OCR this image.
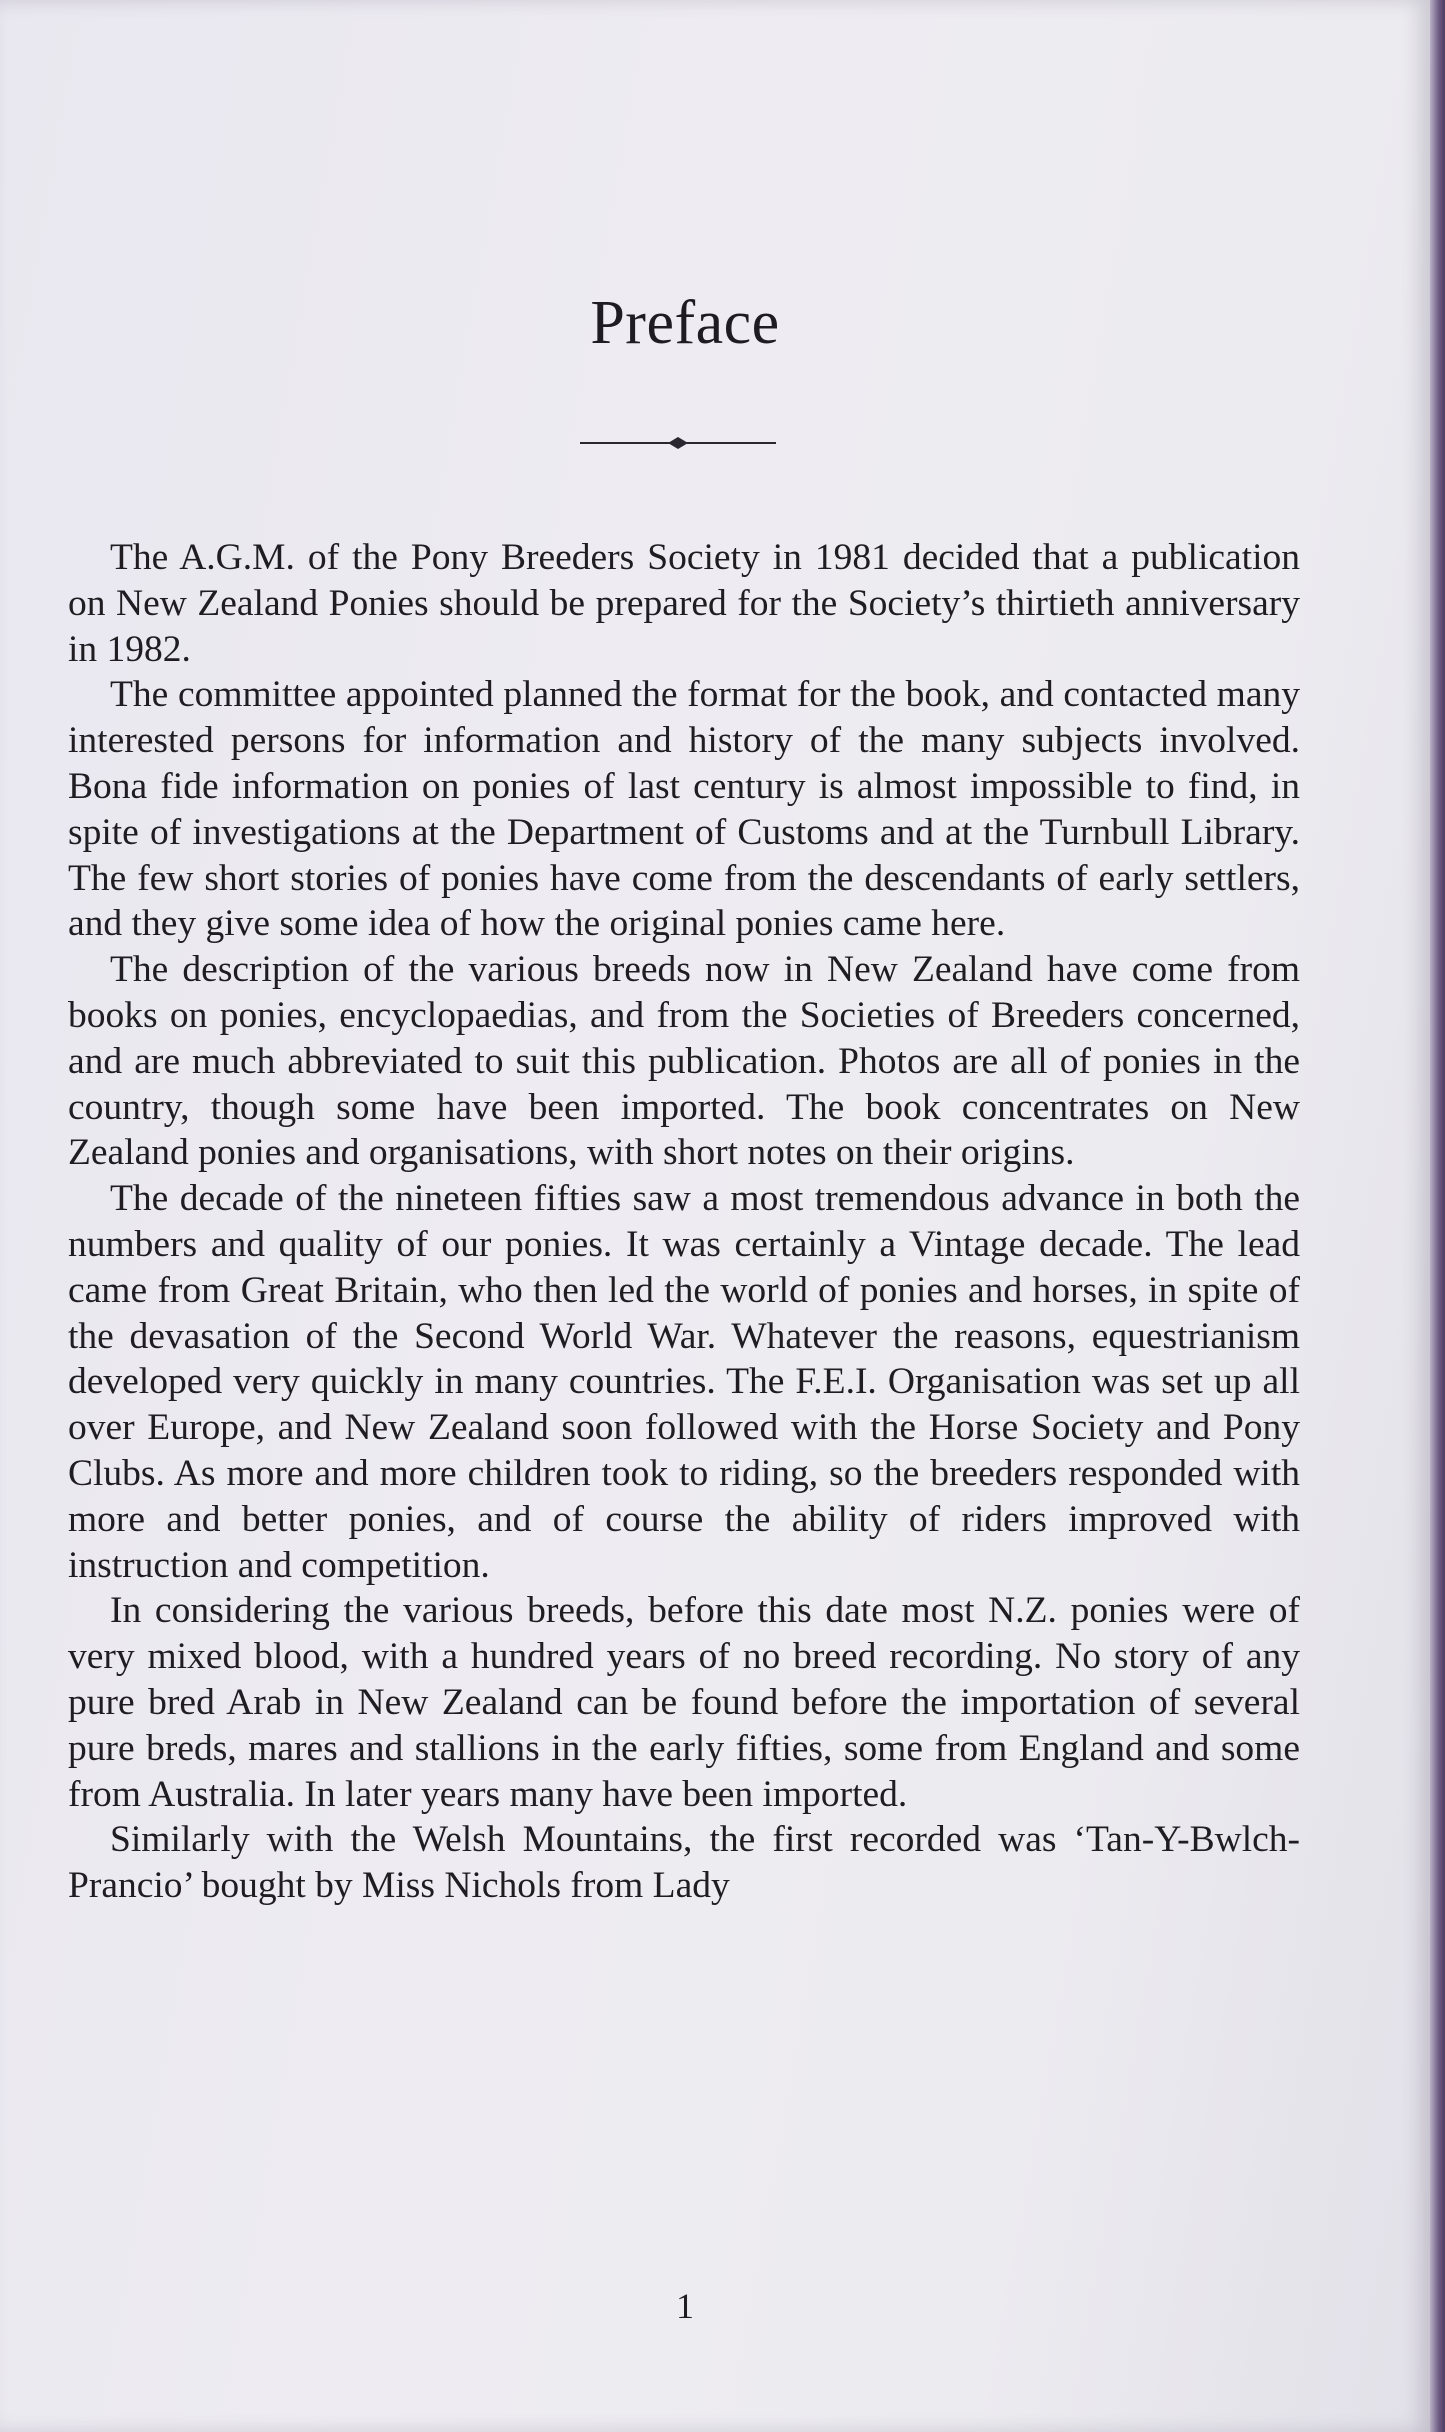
Preface

The A.G.M. of the Pony Breeders Society in 1981 decided that a publication on New Zealand Ponies should be prepared for the Society’s thirtieth anniversary in 1982.

The committee appointed planned the format for the book, and contacted many interested persons for information and history of the many subjects involved. Bona fide information on ponies of last century is almost impossible to find, in spite of investigations at the Department of Customs and at the Turnbull Library. The few short stories of ponies have come from the descendants of early settlers, and they give some idea of how the original ponies came here.

The description of the various breeds now in New Zealand have come from books on ponies, encyclopaedias, and from the Societies of Breeders concerned, and are much abbreviated to suit this publication. Photos are all of ponies in the country, though some have been imported. The book concentrates on New Zealand ponies and organisations, with short notes on their origins.

The decade of the nineteen fifties saw a most tremendous advance in both the numbers and quality of our ponies. It was certainly a Vintage decade. The lead came from Great Britain, who then led the world of ponies and horses, in spite of the devasation of the Second World War. Whatever the reasons, equestrianism developed very quickly in many countries. The F.E.I. Organisation was set up all over Europe, and New Zealand soon followed with the Horse Society and Pony Clubs. As more and more children took to riding, so the breeders responded with more and better ponies, and of course the ability of riders improved with instruction and competition.

In considering the various breeds, before this date most N.Z. ponies were of very mixed blood, with a hundred years of no breed recording. No story of any pure bred Arab in New Zealand can be found before the importation of several pure breds, mares and stallions in the early fifties, some from England and some from Australia. In later years many have been imported.

Similarly with the Welsh Mountains, the first recorded was ‘Tan-Y-Bwlch-Prancio’ bought by Miss Nichols from Lady

1
